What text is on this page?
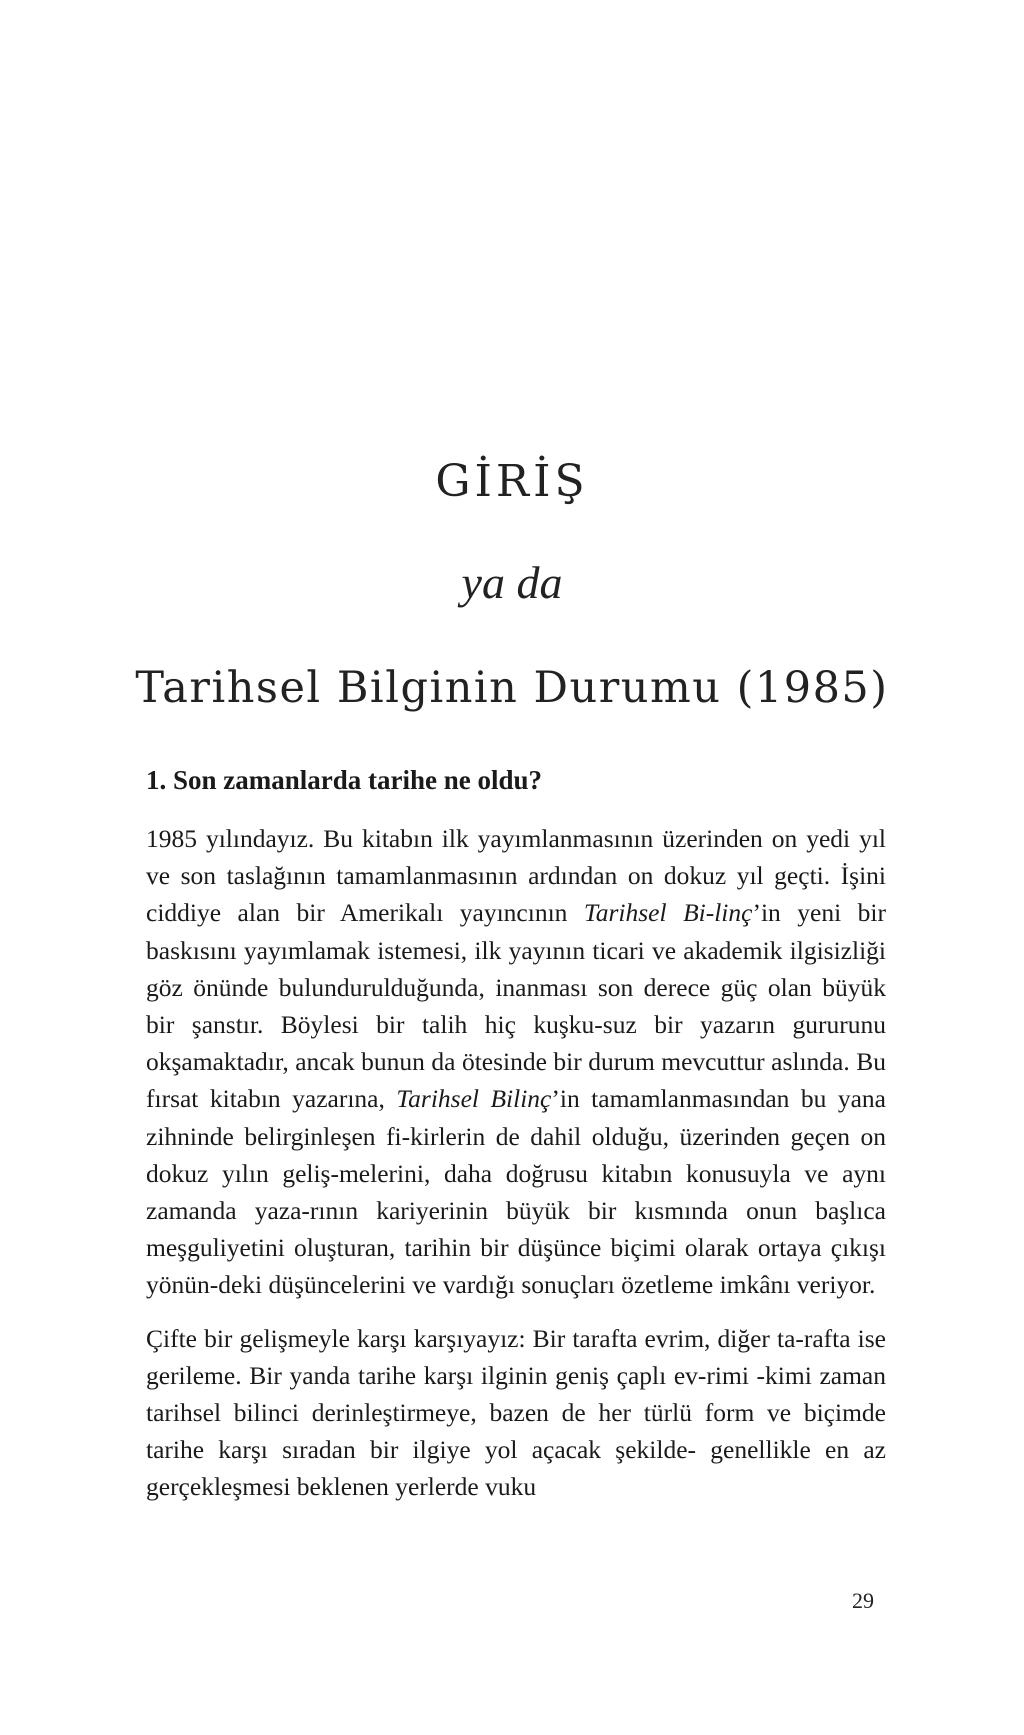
GİRİŞ
ya da
Tarihsel Bilginin Durumu (1985)
1. Son zamanlarda tarihe ne oldu?

1985 yılındayız. Bu kitabın ilk yayımlanmasının üzerinden on yedi yıl ve son taslağının tamamlanmasının ardından on dokuz yıl geçti. İşini ciddiye alan bir Amerikalı yayıncının Tarihsel Bi-linç’in yeni bir baskısını yayımlamak istemesi, ilk yayının ticari ve akademik ilgisizliği göz önünde bulundurulduğunda, inanması son derece güç olan büyük bir şanstır. Böylesi bir talih hiç kuşku-suz bir yazarın gururunu okşamaktadır, ancak bunun da ötesinde bir durum mevcuttur aslında. Bu fırsat kitabın yazarına, Tarihsel Bilinç’in tamamlanmasından bu yana zihninde belirginleşen fi-kirlerin de dahil olduğu, üzerinden geçen on dokuz yılın geliş-melerini, daha doğrusu kitabın konusuyla ve aynı zamanda yaza-rının kariyerinin büyük bir kısmında onun başlıca meşguliyetini oluşturan, tarihin bir düşünce biçimi olarak ortaya çıkışı yönün-deki düşüncelerini ve vardığı sonuçları özetleme imkânı veriyor.

Çifte bir gelişmeyle karşı karşıyayız: Bir tarafta evrim, diğer ta-rafta ise gerileme. Bir yanda tarihe karşı ilginin geniş çaplı ev-rimi -kimi zaman tarihsel bilinci derinleştirmeye, bazen de her türlü form ve biçimde tarihe karşı sıradan bir ilgiye yol açacak şekilde- genellikle en az gerçekleşmesi beklenen yerlerde vuku

29
